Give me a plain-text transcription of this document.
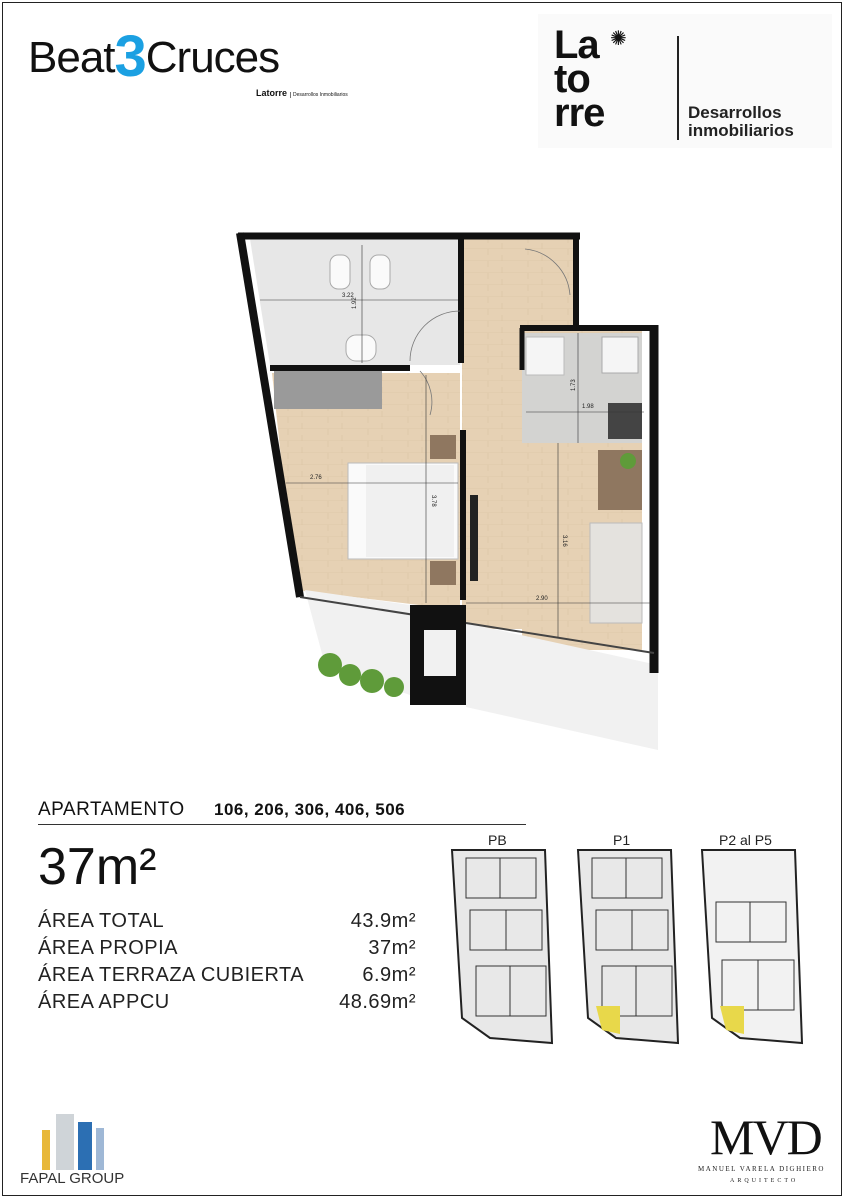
Beat3Cruces
Latorre Desarrollos Inmobiliarios
La
to
rre
✺
Desarrollos
inmobiliarios
3.22
1.92
2.76
3.78
1.73
1.98
3.16
2.90
APARTAMENTO 106, 206, 306, 406, 506
37m²
ÁREA TOTAL	43.9m²
ÁREA PROPIA	37m²
ÁREA TERRAZA CUBIERTA	6.9m²
ÁREA APPCU	48.69m²
PB	P1	P2 al P5
FAPAL GROUP
MVD
MANUEL VARELA DIGHIERO
ARQUITECTO
